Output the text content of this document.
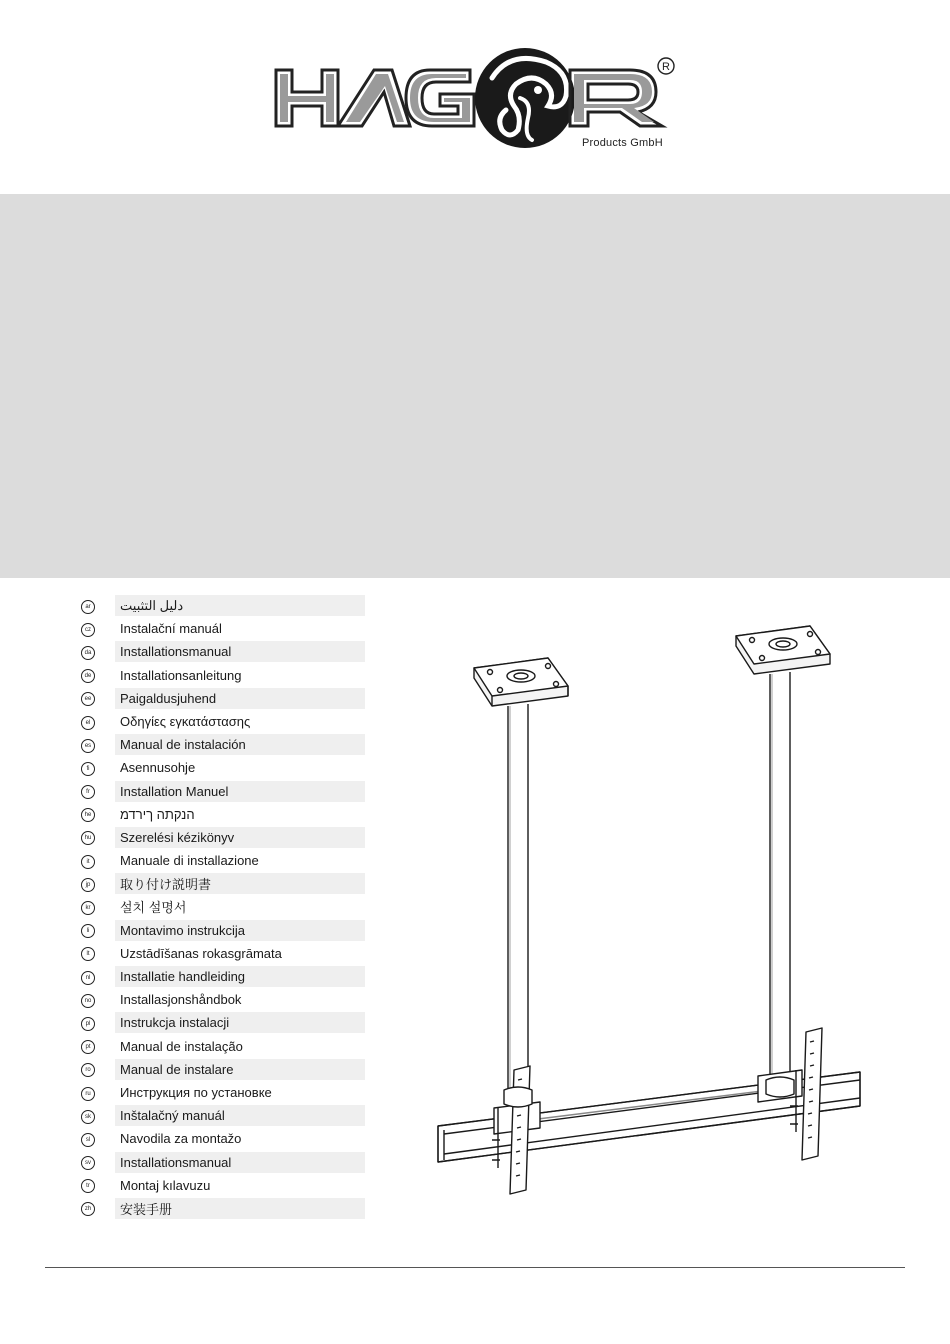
R
Products GmbH
ar	دليل التثبيت
cz	Instalační manuál
da	Installationsmanual
de	Installationsanleitung
ee	Paigaldusjuhend
el	Οδηγίες εγκατάστασης
es	Manual de instalación
fi	Asennusohje
fr	Installation Manuel
he	הנקתה ךירדמ
hu	Szerelési kézikönyv
it	Manuale di installazione
jp	取り付け説明書
kr	설치 설명서
li	Montavimo instrukcija
lt	Uzstādīšanas rokasgrāmata
nl	Installatie handleiding
no	Installasjonshåndbok
pl	Instrukcja instalacji
pt	Manual de instalação
ro	Manual de instalare
ru	Инструкция по установке
sk	Inštalačný manuál
sl	Navodila za montažo
sv	Installationsmanual
tr	Montaj kılavuzu
zh	安装手册
